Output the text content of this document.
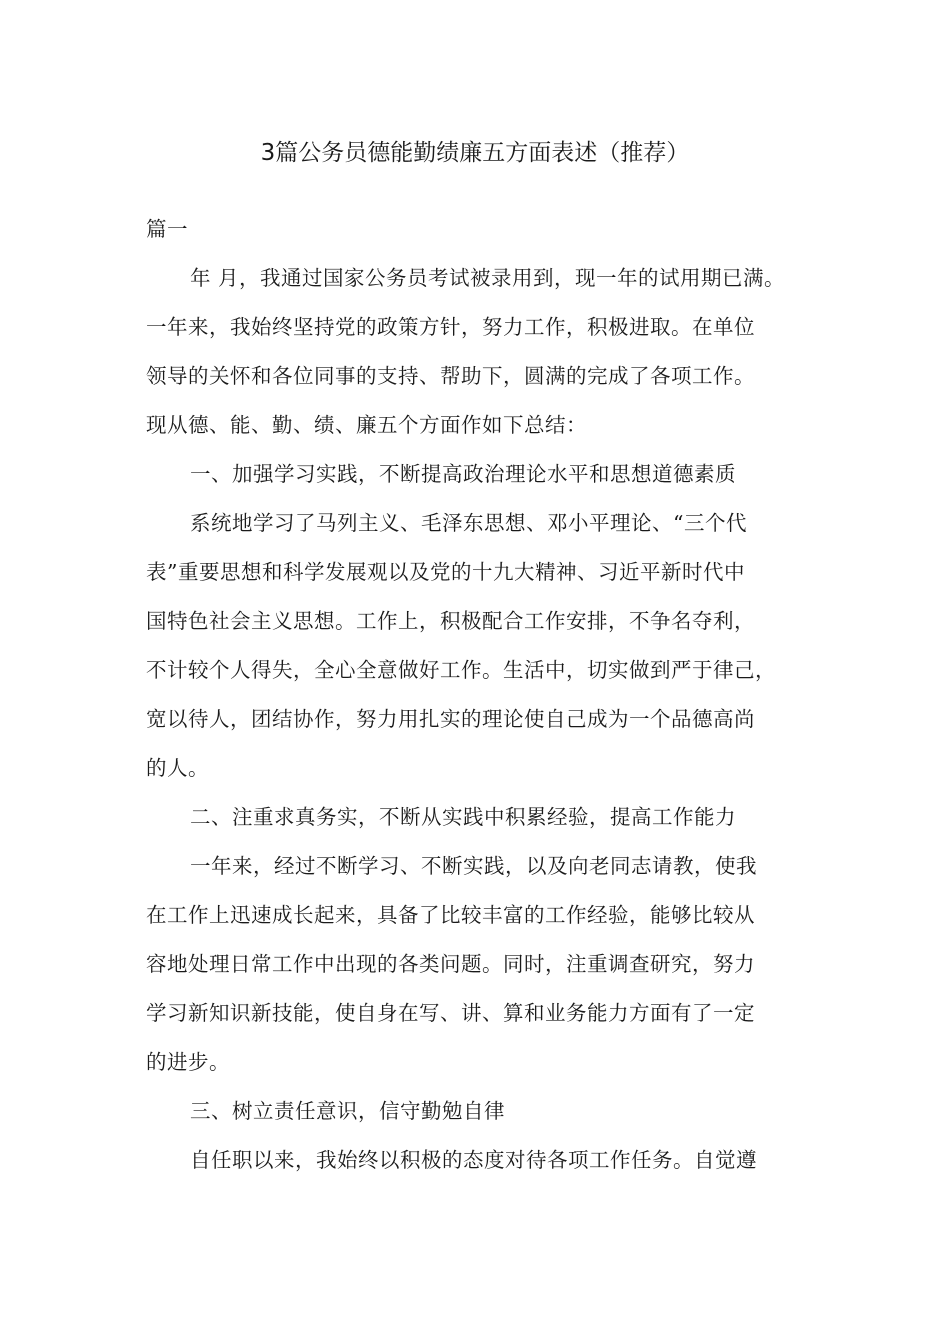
3篇公务员德能勤绩廉五方面表述（推荐）
篇一
年 月，我通过国家公务员考试被录用到，现一年的试用期已满。
一年来，我始终坚持党的政策方针，努力工作，积极进取。在单位
领导的关怀和各位同事的支持、帮助下，圆满的完成了各项工作。
现从德、能、勤、绩、廉五个方面作如下总结：
一、加强学习实践，不断提高政治理论水平和思想道德素质
系统地学习了马列主义、毛泽东思想、邓小平理论、“三个代
表”重要思想和科学发展观以及党的十九大精神、习近平新时代中
国特色社会主义思想。工作上，积极配合工作安排，不争名夺利，
不计较个人得失，全心全意做好工作。生活中，切实做到严于律己，
宽以待人，团结协作，努力用扎实的理论使自己成为一个品德高尚
的人。
二、注重求真务实，不断从实践中积累经验，提高工作能力
一年来，经过不断学习、不断实践，以及向老同志请教，使我
在工作上迅速成长起来，具备了比较丰富的工作经验，能够比较从
容地处理日常工作中出现的各类问题。同时，注重调查研究，努力
学习新知识新技能，使自身在写、讲、算和业务能力方面有了一定
的进步。
三、树立责任意识，信守勤勉自律
自任职以来，我始终以积极的态度对待各项工作任务。自觉遵
